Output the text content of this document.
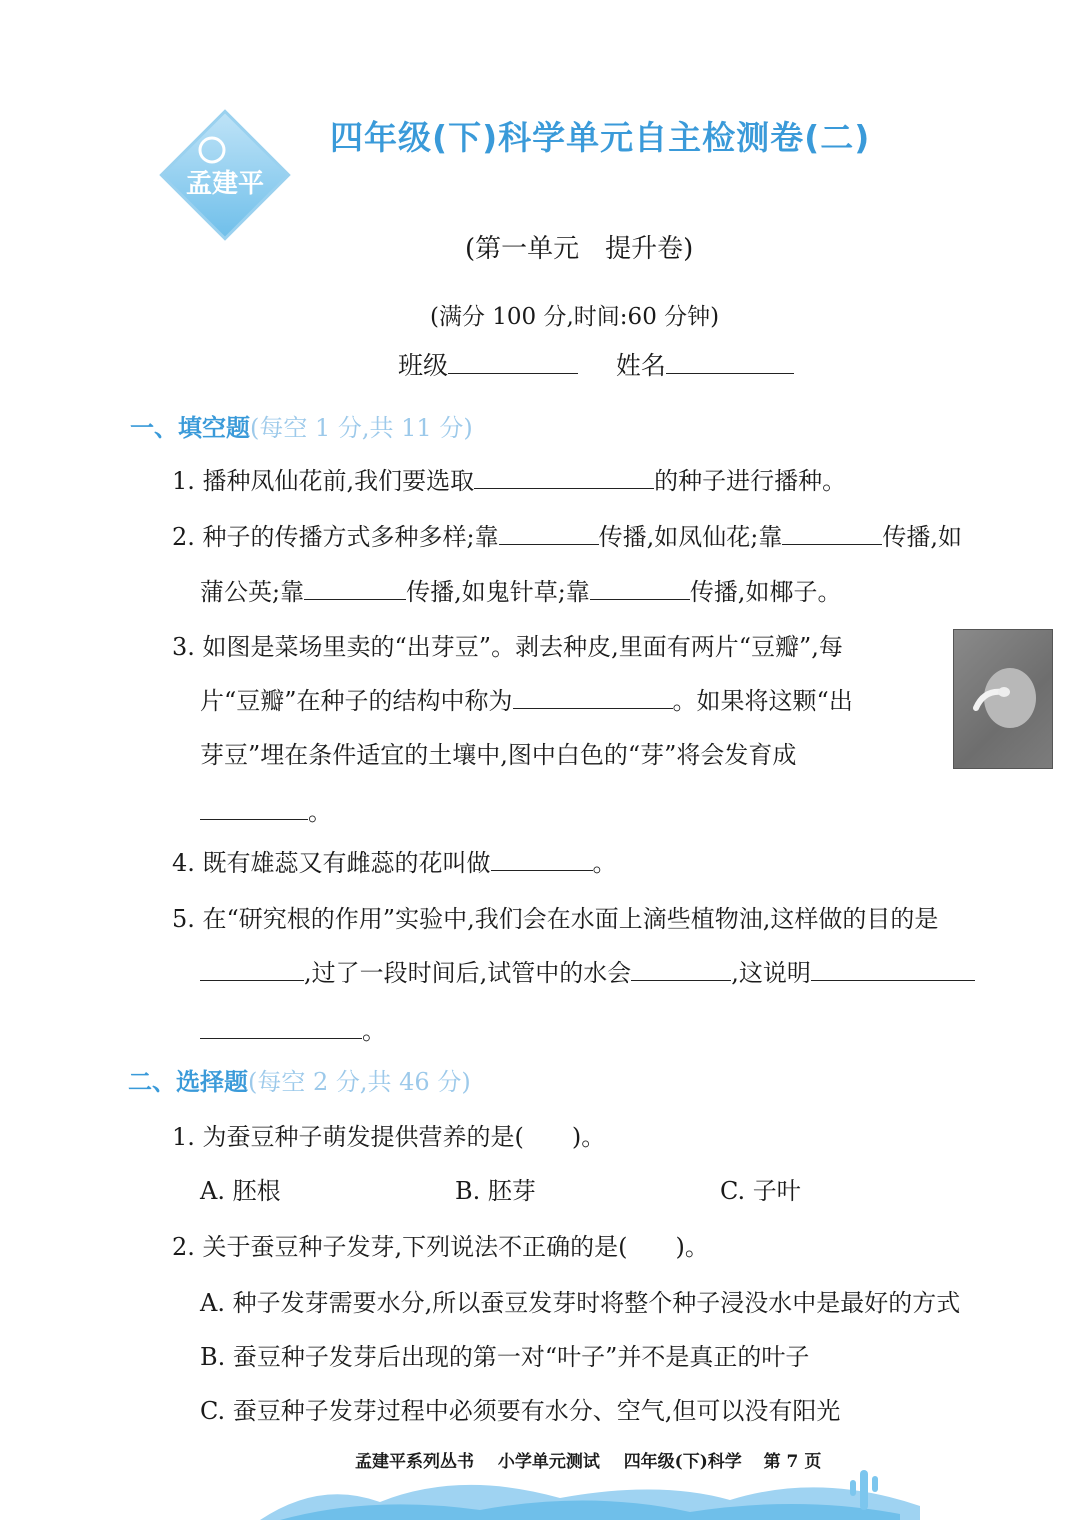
孟建平
四年级(下)科学单元自主检测卷(二)
(第一单元　提升卷)
(满分 100 分,时间:60 分钟)
班级	姓名
一、填空题(每空 1 分,共 11 分)
1. 播种凤仙花前,我们要选取	的种子进行播种。
2. 种子的传播方式多种多样;靠	传播,如凤仙花;靠	传播,如
蒲公英;靠	传播,如鬼针草;靠	传播,如椰子。
3. 如图是菜场里卖的“出芽豆”。剥去种皮,里面有两片“豆瓣”,每
片“豆瓣”在种子的结构中称为	。如果将这颗“出
芽豆”埋在条件适宜的土壤中,图中白色的“芽”将会发育成
。
4. 既有雄蕊又有雌蕊的花叫做	。
5. 在“研究根的作用”实验中,我们会在水面上滴些植物油,这样做的目的是
,过了一段时间后,试管中的水会	,这说明
。
二、选择题(每空 2 分,共 46 分)
1. 为蚕豆种子萌发提供营养的是(　　)。
A. 胚根	B. 胚芽	C. 子叶
2. 关于蚕豆种子发芽,下列说法不正确的是(　　)。
A. 种子发芽需要水分,所以蚕豆发芽时将整个种子浸没水中是最好的方式
B. 蚕豆种子发芽后出现的第一对“叶子”并不是真正的叶子
C. 蚕豆种子发芽过程中必须要有水分、空气,但可以没有阳光
孟建平系列丛书 小学单元测试 四年级(下)科学 第 7 页
